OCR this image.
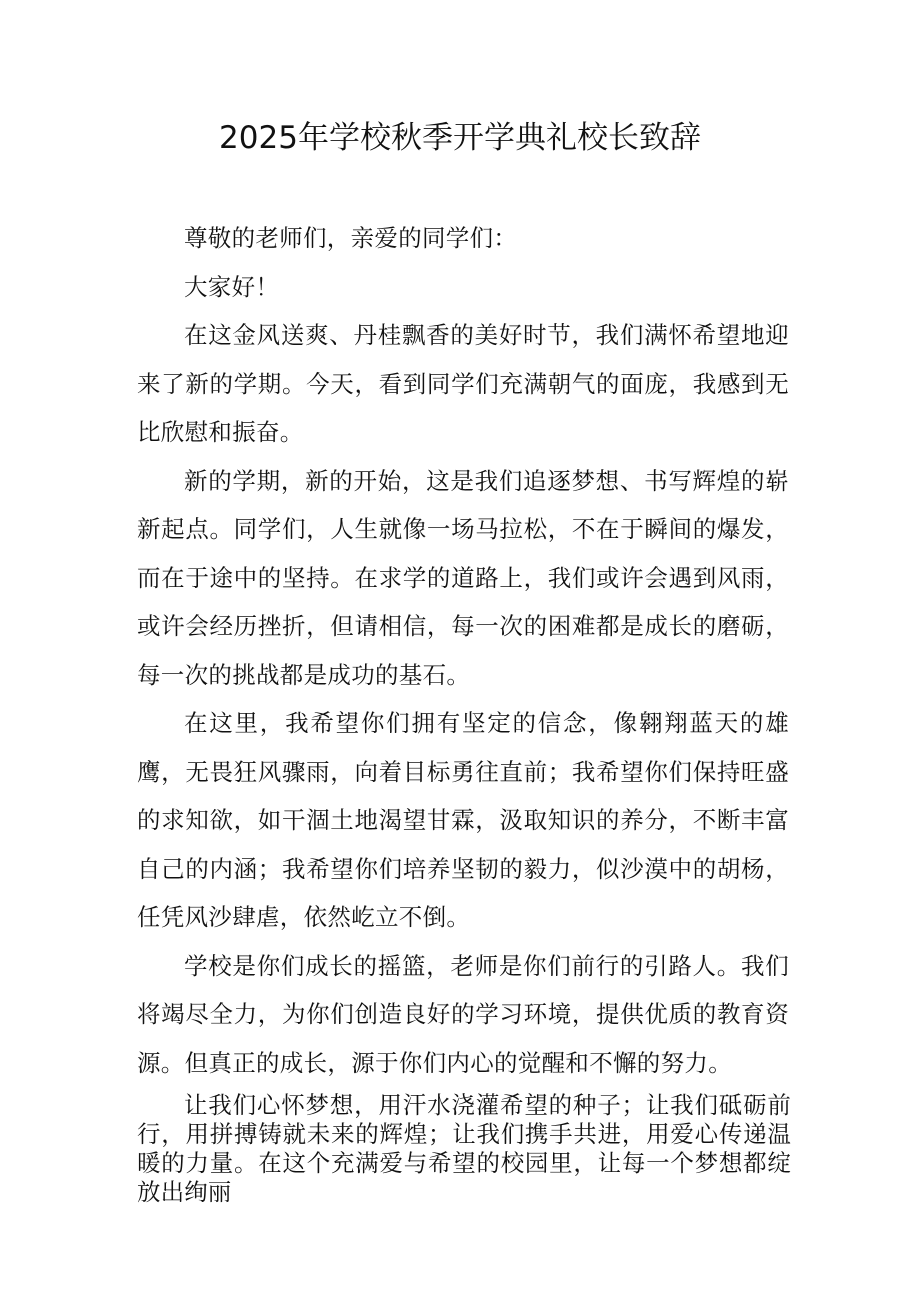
2025年学校秋季开学典礼校长致辞

尊敬的老师们，亲爱的同学们：

大家好！

在这金风送爽、丹桂飘香的美好时节，我们满怀希望地迎来了新的学期。今天，看到同学们充满朝气的面庞，我感到无比欣慰和振奋。

新的学期，新的开始，这是我们追逐梦想、书写辉煌的崭新起点。同学们，人生就像一场马拉松，不在于瞬间的爆发，而在于途中的坚持。在求学的道路上，我们或许会遇到风雨，或许会经历挫折，但请相信，每一次的困难都是成长的磨砺，每一次的挑战都是成功的基石。

在这里，我希望你们拥有坚定的信念，像翱翔蓝天的雄鹰，无畏狂风骤雨，向着目标勇往直前；我希望你们保持旺盛的求知欲，如干涸土地渴望甘霖，汲取知识的养分，不断丰富自己的内涵；我希望你们培养坚韧的毅力，似沙漠中的胡杨，任凭风沙肆虐，依然屹立不倒。

学校是你们成长的摇篮，老师是你们前行的引路人。我们将竭尽全力，为你们创造良好的学习环境，提供优质的教育资源。但真正的成长，源于你们内心的觉醒和不懈的努力。

让我们心怀梦想，用汗水浇灌希望的种子；让我们砥砺前行，用拼搏铸就未来的辉煌；让我们携手共进，用爱心传递温暖的力量。在这个充满爱与希望的校园里，让每一个梦想都绽放出绚丽
